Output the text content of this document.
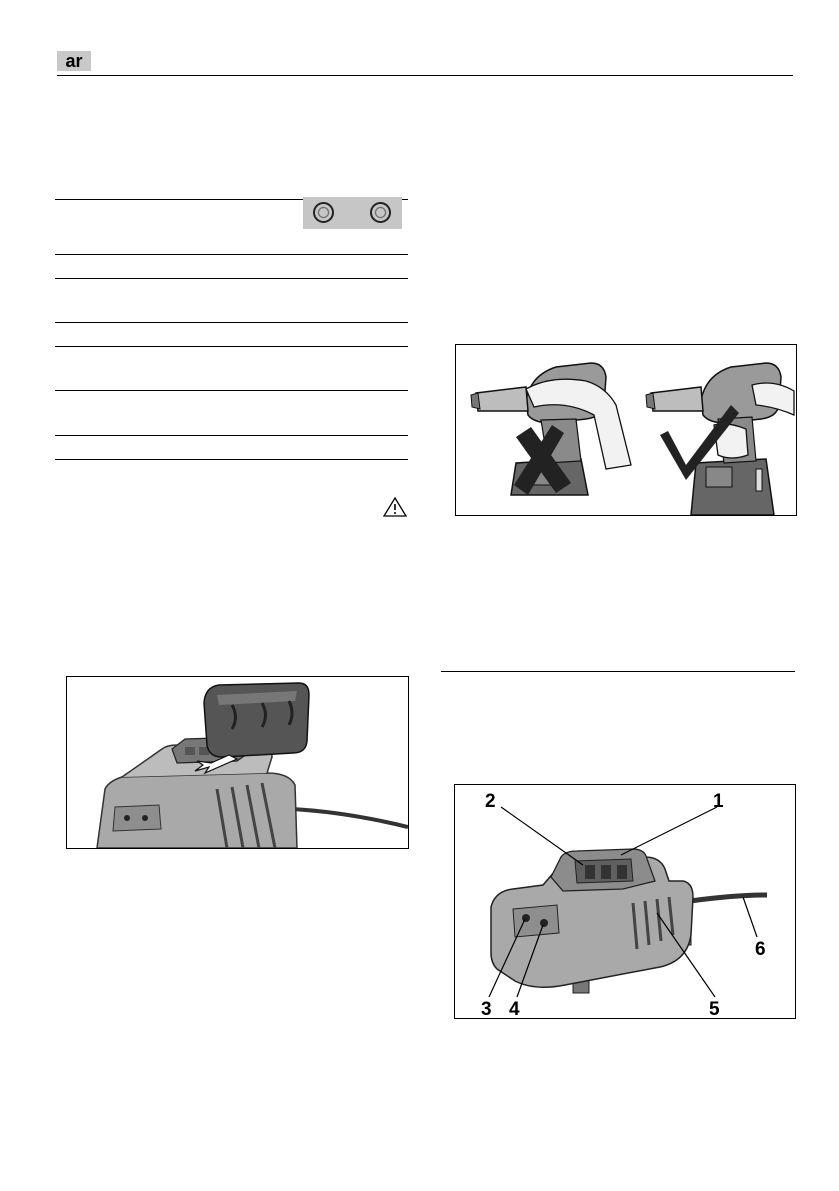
ar
1
2
3 4	5
6
